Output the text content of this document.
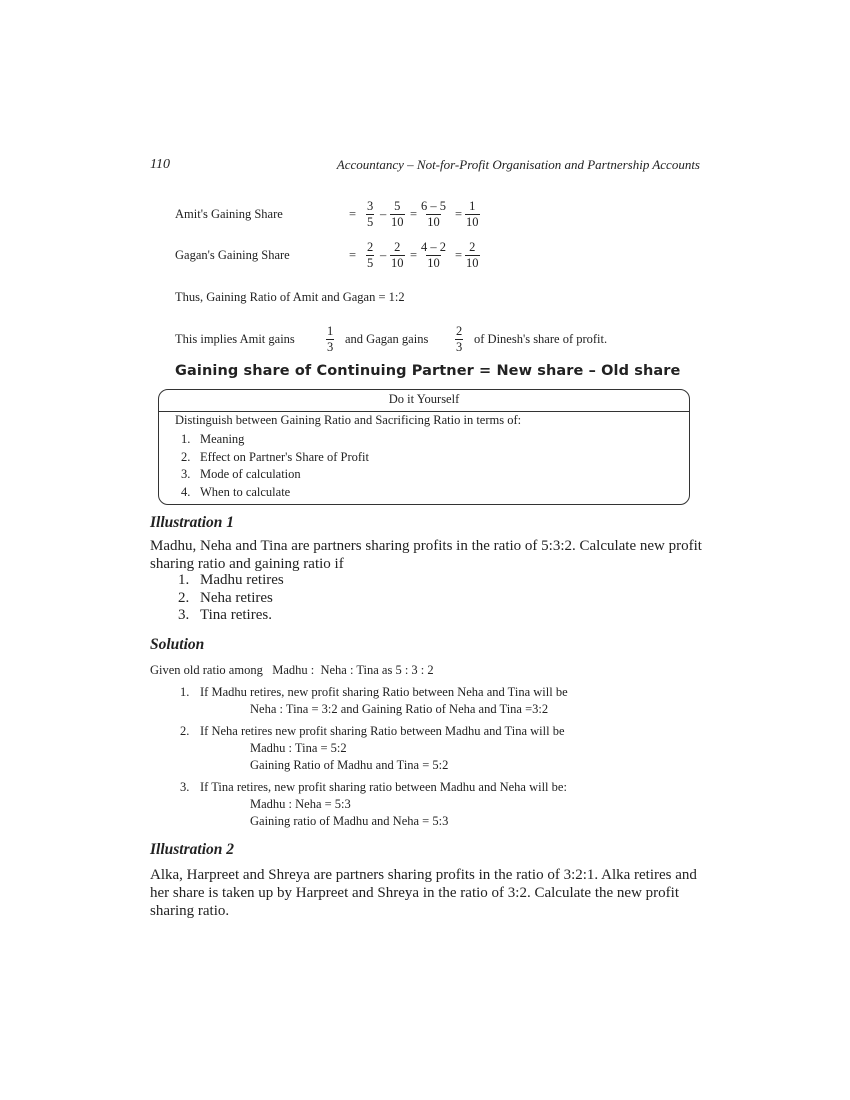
110	Accountancy – Not-for-Profit Organisation and Partnership Accounts
Amit's Gaining Share	= $\frac{3}{5} - \frac{5}{10} = \frac{6 - 5}{10} = \frac{1}{10}$
Gagan's Gaining Share	= $\frac{2}{5} - \frac{2}{10} = \frac{4 - 2}{10} = \frac{2}{10}$
Thus, Gaining Ratio of Amit and Gagan = 1:2
This implies Amit gains $\frac{1}{3}$ and Gagan gains $\frac{2}{3}$ of Dinesh's share of profit.
Gaining share of Continuing Partner = New share – Old share
Do it Yourself
Distinguish between Gaining Ratio and Sacrificing Ratio in terms of:
1. Meaning
2. Effect on Partner's Share of Profit
3. Mode of calculation
4. When to calculate
Illustration 1
Madhu, Neha and Tina are partners sharing profits in the ratio of 5:3:2. Calculate new profit sharing ratio and gaining ratio if
1. Madhu retires
2. Neha retires
3. Tina retires.
Solution
Given old ratio among   Madhu :  Neha : Tina as 5 : 3 : 2
1. If Madhu retires, new profit sharing Ratio between Neha and Tina will be
Neha : Tina = 3:2 and Gaining Ratio of Neha and Tina =3:2
2. If Neha retires new profit sharing Ratio between Madhu and Tina will be
Madhu : Tina = 5:2
Gaining Ratio of Madhu and Tina = 5:2
3. If Tina retires, new profit sharing ratio between Madhu and Neha will be:
Madhu : Neha = 5:3
Gaining ratio of Madhu and Neha = 5:3
Illustration 2
Alka, Harpreet and Shreya are partners sharing profits in the ratio of 3:2:1. Alka retires and her share is taken up by Harpreet and Shreya in the ratio of 3:2. Calculate the new profit sharing ratio.
